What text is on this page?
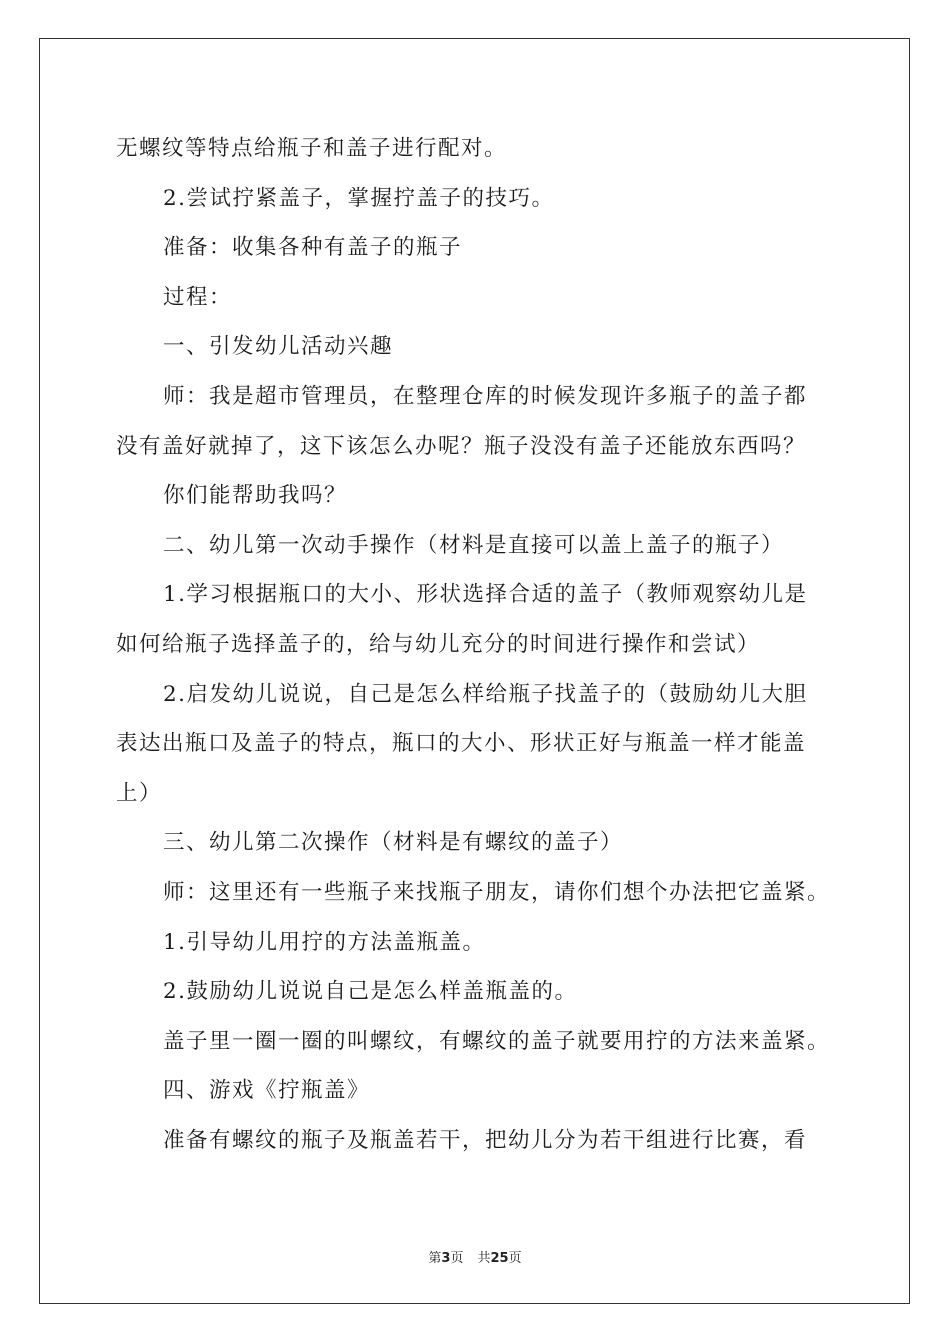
无螺纹等特点给瓶子和盖子进行配对。
2.尝试拧紧盖子，掌握拧盖子的技巧。
准备：收集各种有盖子的瓶子
过程：
一、引发幼儿活动兴趣
师：我是超市管理员，在整理仓库的时候发现许多瓶子的盖子都
没有盖好就掉了，这下该怎么办呢？瓶子没没有盖子还能放东西吗？
你们能帮助我吗？
二、幼儿第一次动手操作（材料是直接可以盖上盖子的瓶子）
1.学习根据瓶口的大小、形状选择合适的盖子（教师观察幼儿是
如何给瓶子选择盖子的，给与幼儿充分的时间进行操作和尝试）
2.启发幼儿说说，自己是怎么样给瓶子找盖子的（鼓励幼儿大胆
表达出瓶口及盖子的特点，瓶口的大小、形状正好与瓶盖一样才能盖
上）
三、幼儿第二次操作（材料是有螺纹的盖子）
师：这里还有一些瓶子来找瓶子朋友，请你们想个办法把它盖紧。
1.引导幼儿用拧的方法盖瓶盖。
2.鼓励幼儿说说自己是怎么样盖瓶盖的。
盖子里一圈一圈的叫螺纹，有螺纹的盖子就要用拧的方法来盖紧。
四、游戏《拧瓶盖》
准备有螺纹的瓶子及瓶盖若干，把幼儿分为若干组进行比赛，看
第3页 共25页
